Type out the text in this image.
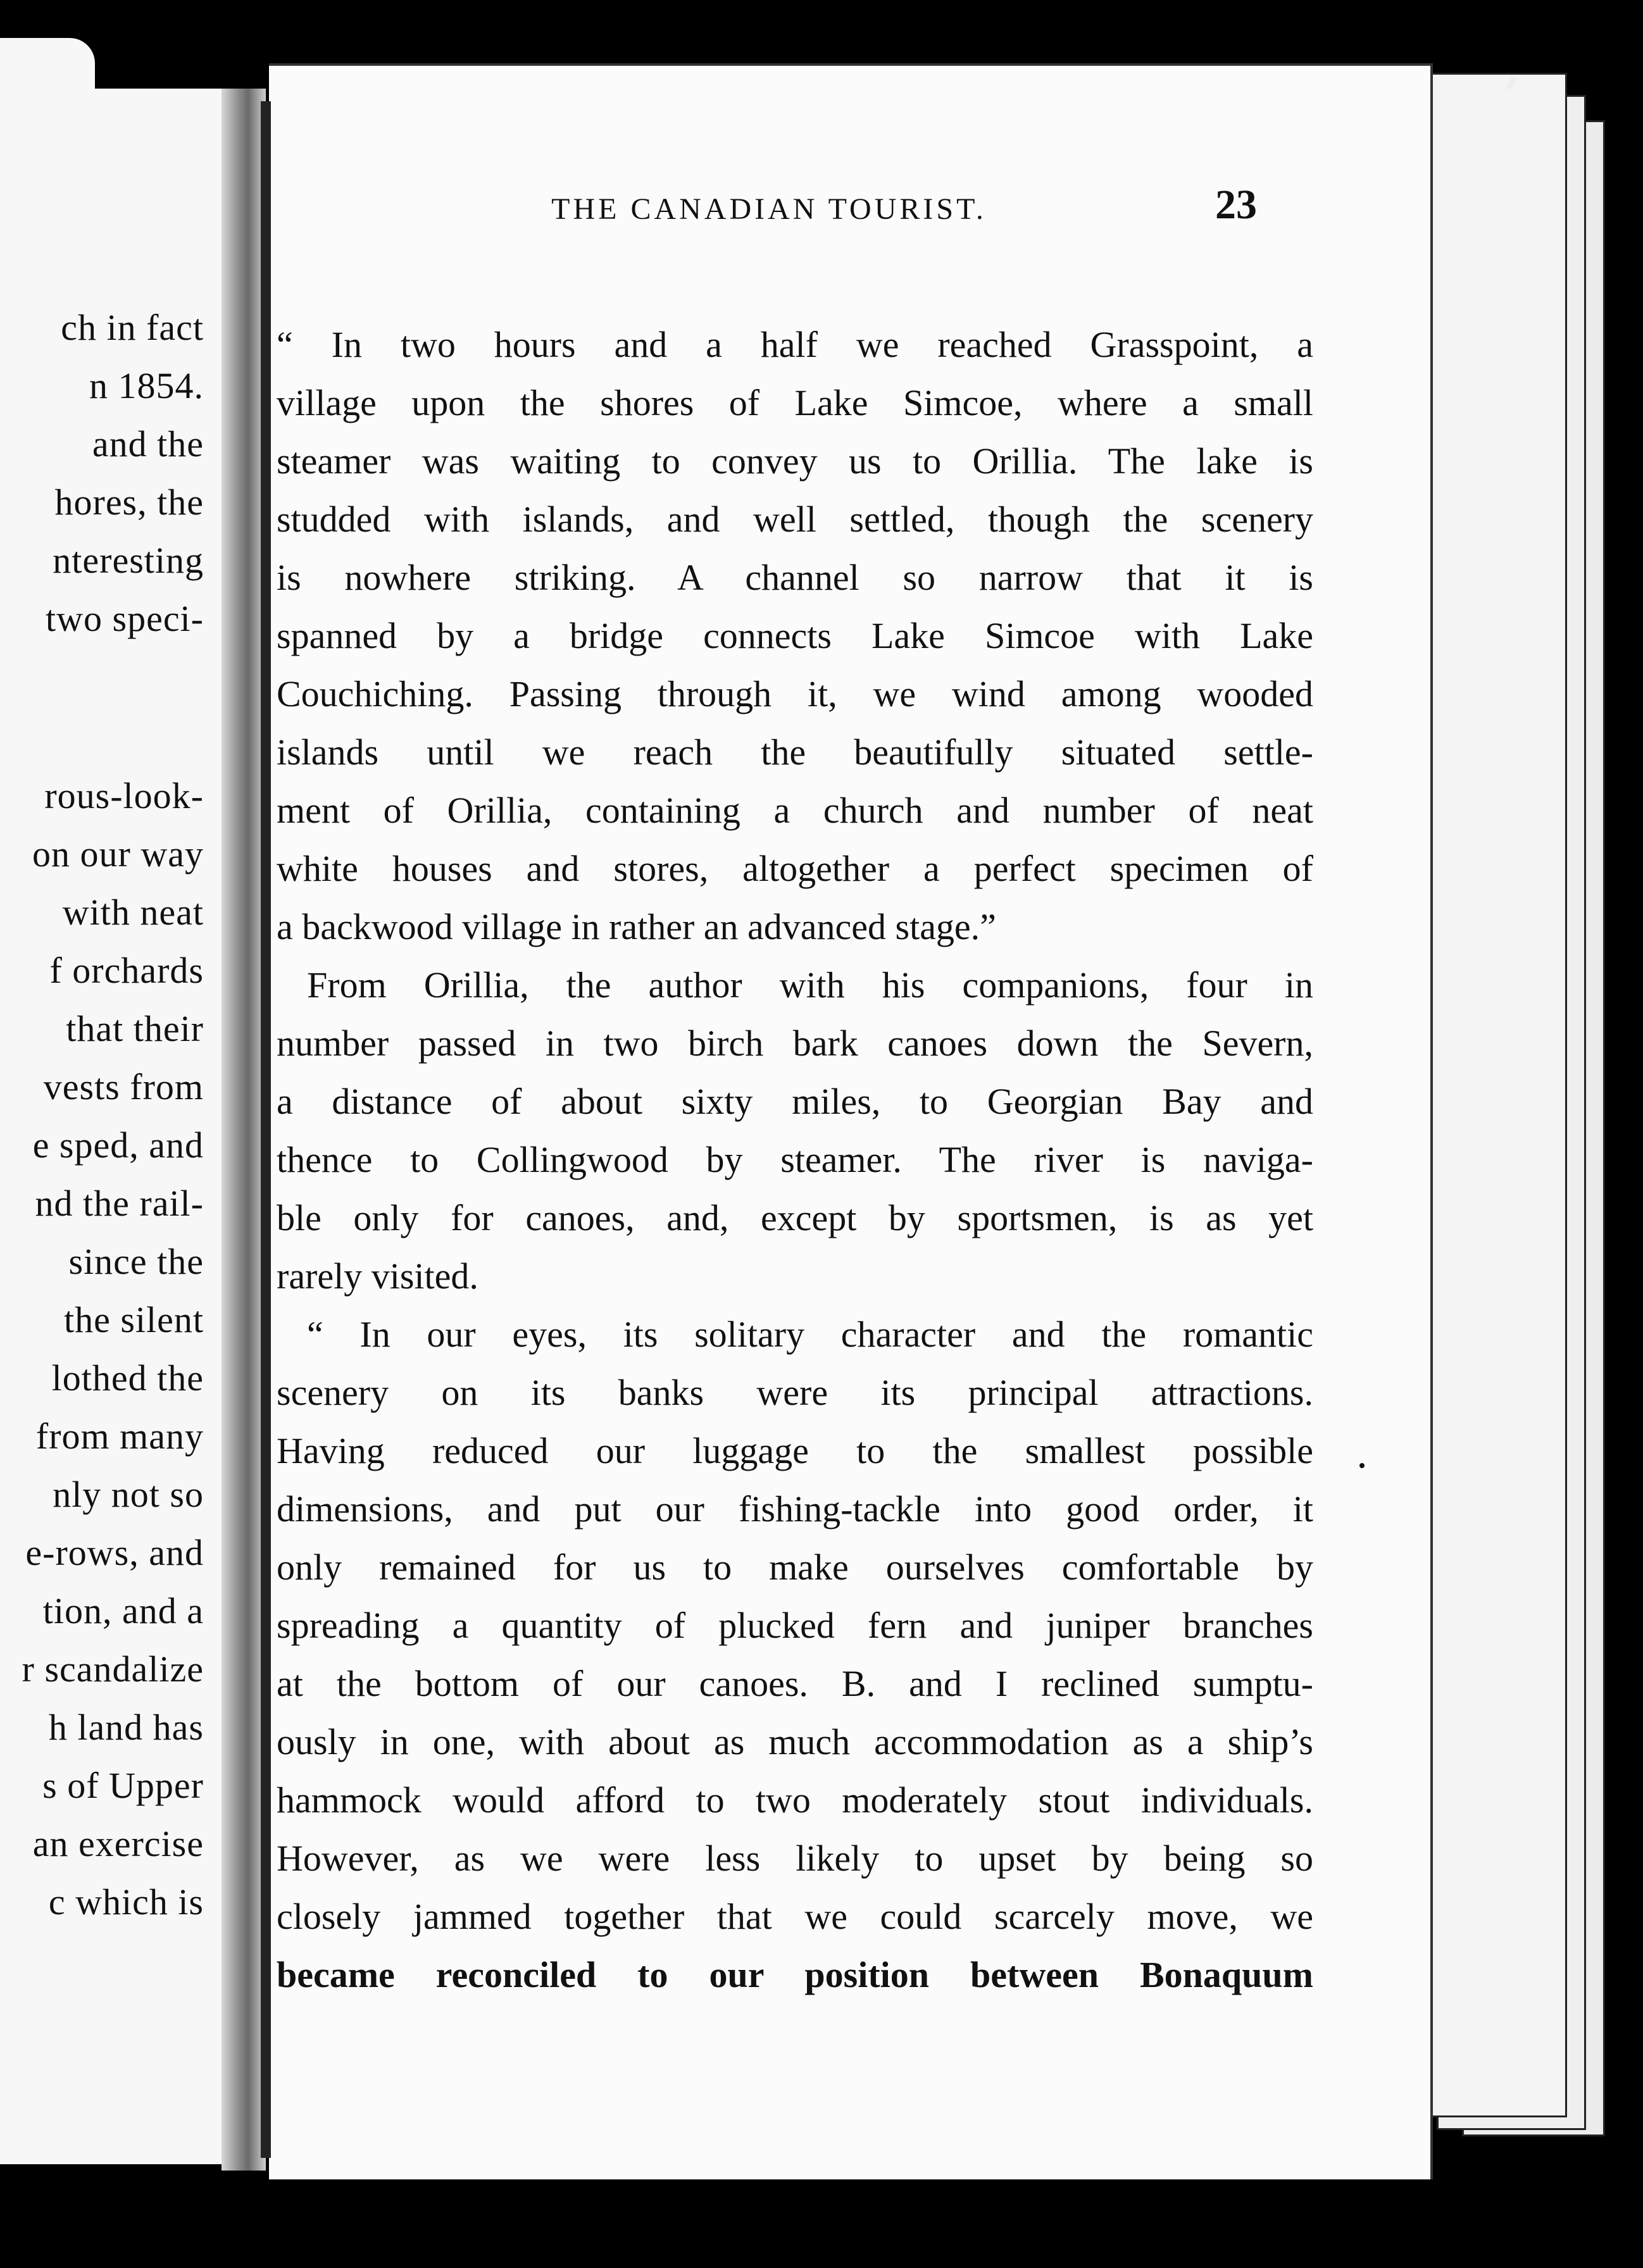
ch in fact
n 1854.
and the
hores, the
nteresting
two speci-
rous-look-
on our way
with neat
f orchards
that their
vests from
e sped, and
nd the rail-
since the
the silent
lothed the
from many
nly not so
e-rows, and
tion, and a
r scandalize
h land has
s of Upper
an exercise
c which is
THE CANADIAN TOURIST.	23
“ In two hours and a half we reached Grasspoint, a
village upon the shores of Lake Simcoe, where a small
steamer was waiting to convey us to Orillia. The lake is
studded with islands, and well settled, though the scenery
is nowhere striking. A channel so narrow that it is
spanned by a bridge connects Lake Simcoe with Lake
Couchiching. Passing through it, we wind among wooded
islands until we reach the beautifully situated settle-
ment of Orillia, containing a church and number of neat
white houses and stores, altogether a perfect specimen of
a backwood village in rather an advanced stage.”
From Orillia, the author with his companions, four in
number passed in two birch bark canoes down the Severn,
a distance of about sixty miles, to Georgian Bay and
thence to Collingwood by steamer. The river is naviga-
ble only for canoes, and, except by sportsmen, is as yet
rarely visited.
“ In our eyes, its solitary character and the romantic
scenery on its banks were its principal attractions.
Having reduced our luggage to the smallest possible
dimensions, and put our fishing-tackle into good order, it
only remained for us to make ourselves comfortable by
spreading a quantity of plucked fern and juniper branches
at the bottom of our canoes. B. and I reclined sumptu-
ously in one, with about as much accommodation as a ship’s
hammock would afford to two moderately stout individuals.
However, as we were less likely to upset by being so
closely jammed together that we could scarcely move, we
became reconciled to our position between Bonaquum
